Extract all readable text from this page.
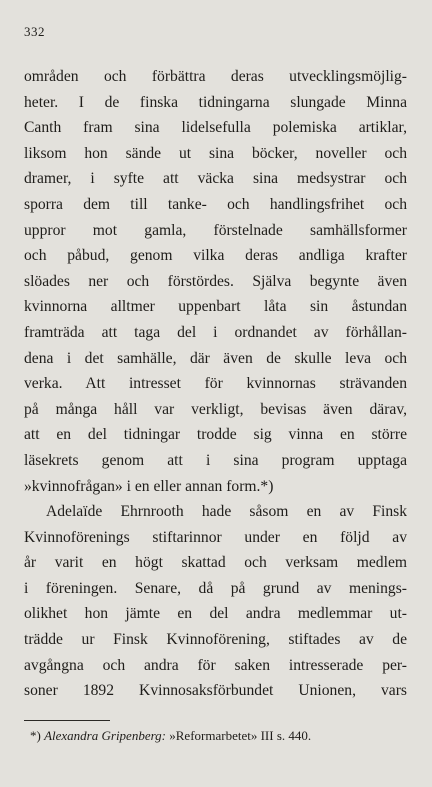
332
områden och förbättra deras utvecklingsmöjlig-
heter. I de finska tidningarna slungade Minna
Canth fram sina lidelsefulla polemiska artiklar,
liksom hon sände ut sina böcker, noveller och
dramer, i syfte att väcka sina medsystrar och
sporra dem till tanke- och handlingsfrihet och
uppror mot gamla, förstelnade samhällsformer
och påbud, genom vilka deras andliga krafter
slöades ner och förstördes. Själva begynte även
kvinnorna alltmer uppenbart låta sin åstundan
framträda att taga del i ordnandet av förhållan-
dena i det samhälle, där även de skulle leva och
verka. Att intresset för kvinnornas strävanden
på många håll var verkligt, bevisas även därav,
att en del tidningar trodde sig vinna en större
läsekrets genom att i sina program upptaga
»kvinnofrågan» i en eller annan form.*)
Adelaïde Ehrnrooth hade såsom en av Finsk
Kvinnoförenings stiftarinnor under en följd av
år varit en högt skattad och verksam medlem
i föreningen. Senare, då på grund av menings-
olikhet hon jämte en del andra medlemmar ut-
trädde ur Finsk Kvinnoförening, stiftades av de
avgångna och andra för saken intresserade per-
soner 1892 Kvinnosaksförbundet Unionen, vars
*) Alexandra Gripenberg: »Reformarbetet» III s. 440.
